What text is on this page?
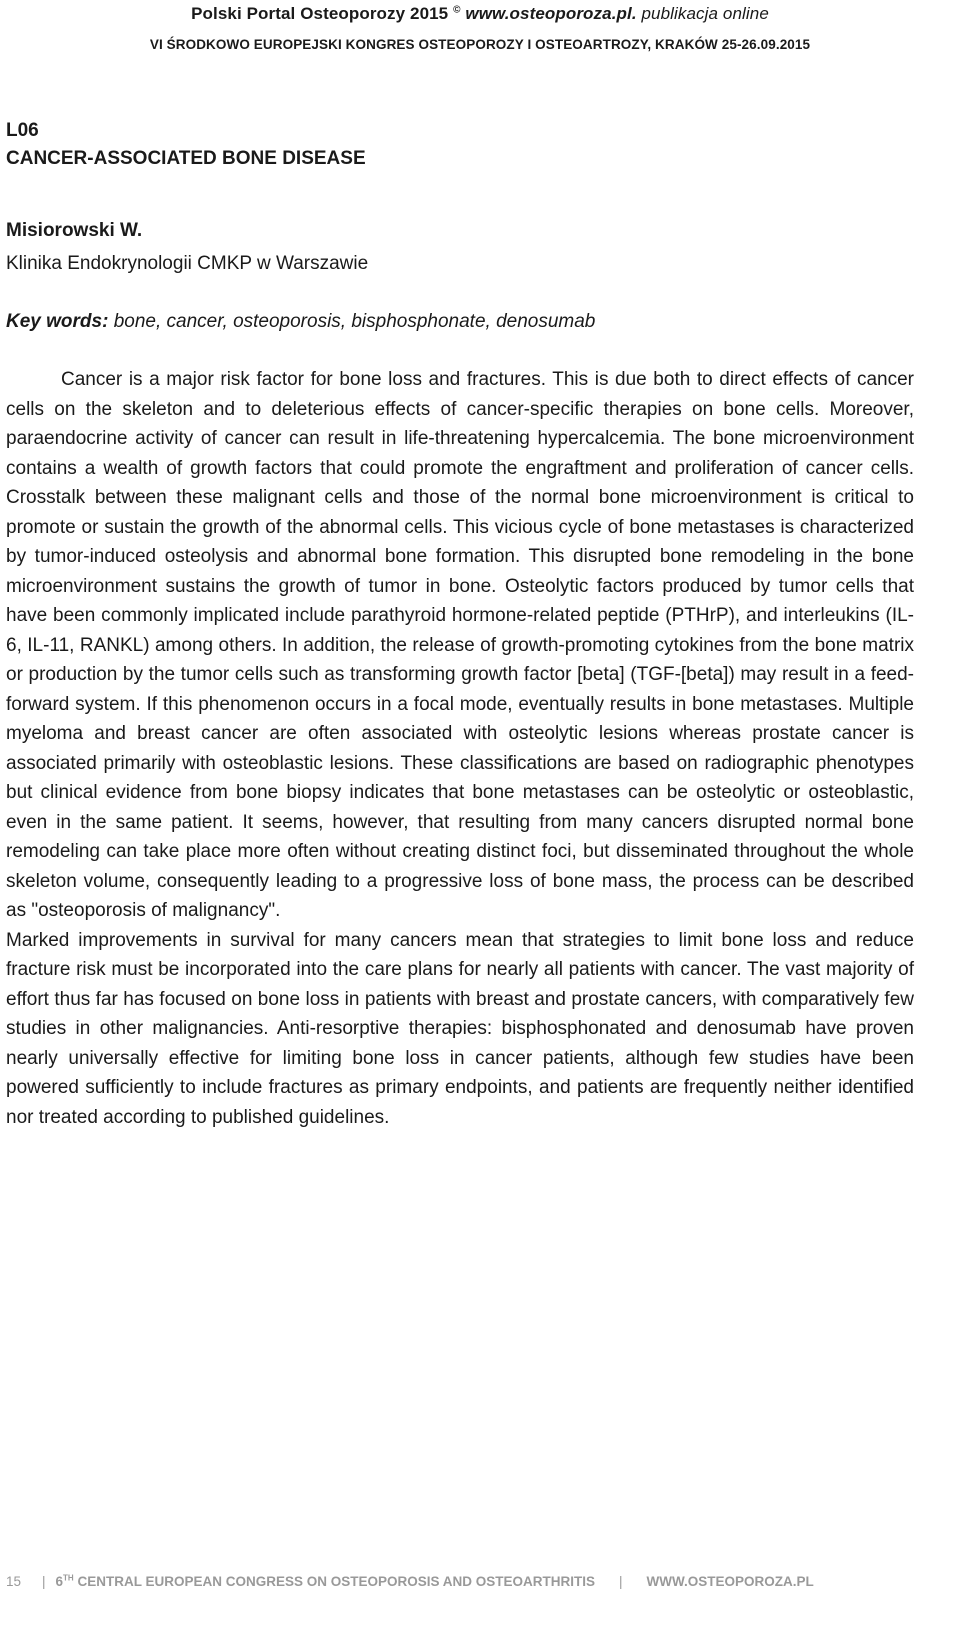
Polski Portal Osteoporozy 2015 © www.osteoporoza.pl. publikacja online
VI ŚRODKOWO EUROPEJSKI KONGRES OSTEOPOROZY I OSTEOARTROZY, KRAKÓW 25-26.09.2015

L06

CANCER-ASSOCIATED BONE DISEASE

Misiorowski W.

Klinika Endokrynologii CMKP w Warszawie

Key words: bone, cancer, osteoporosis, bisphosphonate, denosumab

Cancer is a major risk factor for bone loss and fractures. This is due both to direct effects of cancer cells on the skeleton and to deleterious effects of cancer-specific therapies on bone cells. Moreover, paraendocrine activity of cancer can result in life-threatening hypercalcemia. The bone microenvironment contains a wealth of growth factors that could promote the engraftment and proliferation of cancer cells. Crosstalk between these malignant cells and those of the normal bone microenvironment is critical to promote or sustain the growth of the abnormal cells. This vicious cycle of bone metastases is characterized by tumor-induced osteolysis and abnormal bone formation. This disrupted bone remodeling in the bone microenvironment sustains the growth of tumor in bone. Osteolytic factors produced by tumor cells that have been commonly implicated include parathyroid hormone-related peptide (PTHrP), and interleukins (IL-6, IL-11, RANKL) among others. In addition, the release of growth-promoting cytokines from the bone matrix or production by the tumor cells such as transforming growth factor [beta] (TGF-[beta]) may result in a feed-forward system. If this phenomenon occurs in a focal mode, eventually results in bone metastases. Multiple myeloma and breast cancer are often associated with osteolytic lesions whereas prostate cancer is associated primarily with osteoblastic lesions. These classifications are based on radiographic phenotypes but clinical evidence from bone biopsy indicates that bone metastases can be osteolytic or osteoblastic, even in the same patient. It seems, however, that resulting from many cancers disrupted normal bone remodeling can take place more often without creating distinct foci, but disseminated throughout the whole skeleton volume, consequently leading to a progressive loss of bone mass, the process can be described as "osteoporosis of malignancy".

Marked improvements in survival for many cancers mean that strategies to limit bone loss and reduce fracture risk must be incorporated into the care plans for nearly all patients with cancer. The vast majority of effort thus far has focused on bone loss in patients with breast and prostate cancers, with comparatively few studies in other malignancies. Anti-resorptive therapies: bisphosphonated and denosumab have proven nearly universally effective for limiting bone loss in cancer patients, although few studies have been powered sufficiently to include fractures as primary endpoints, and patients are frequently neither identified nor treated according to published guidelines.

15 | 6TH CENTRAL EUROPEAN CONGRESS ON OSTEOPOROSIS AND OSTEOARTHRITIS | WWW.OSTEOPOROZA.PL
